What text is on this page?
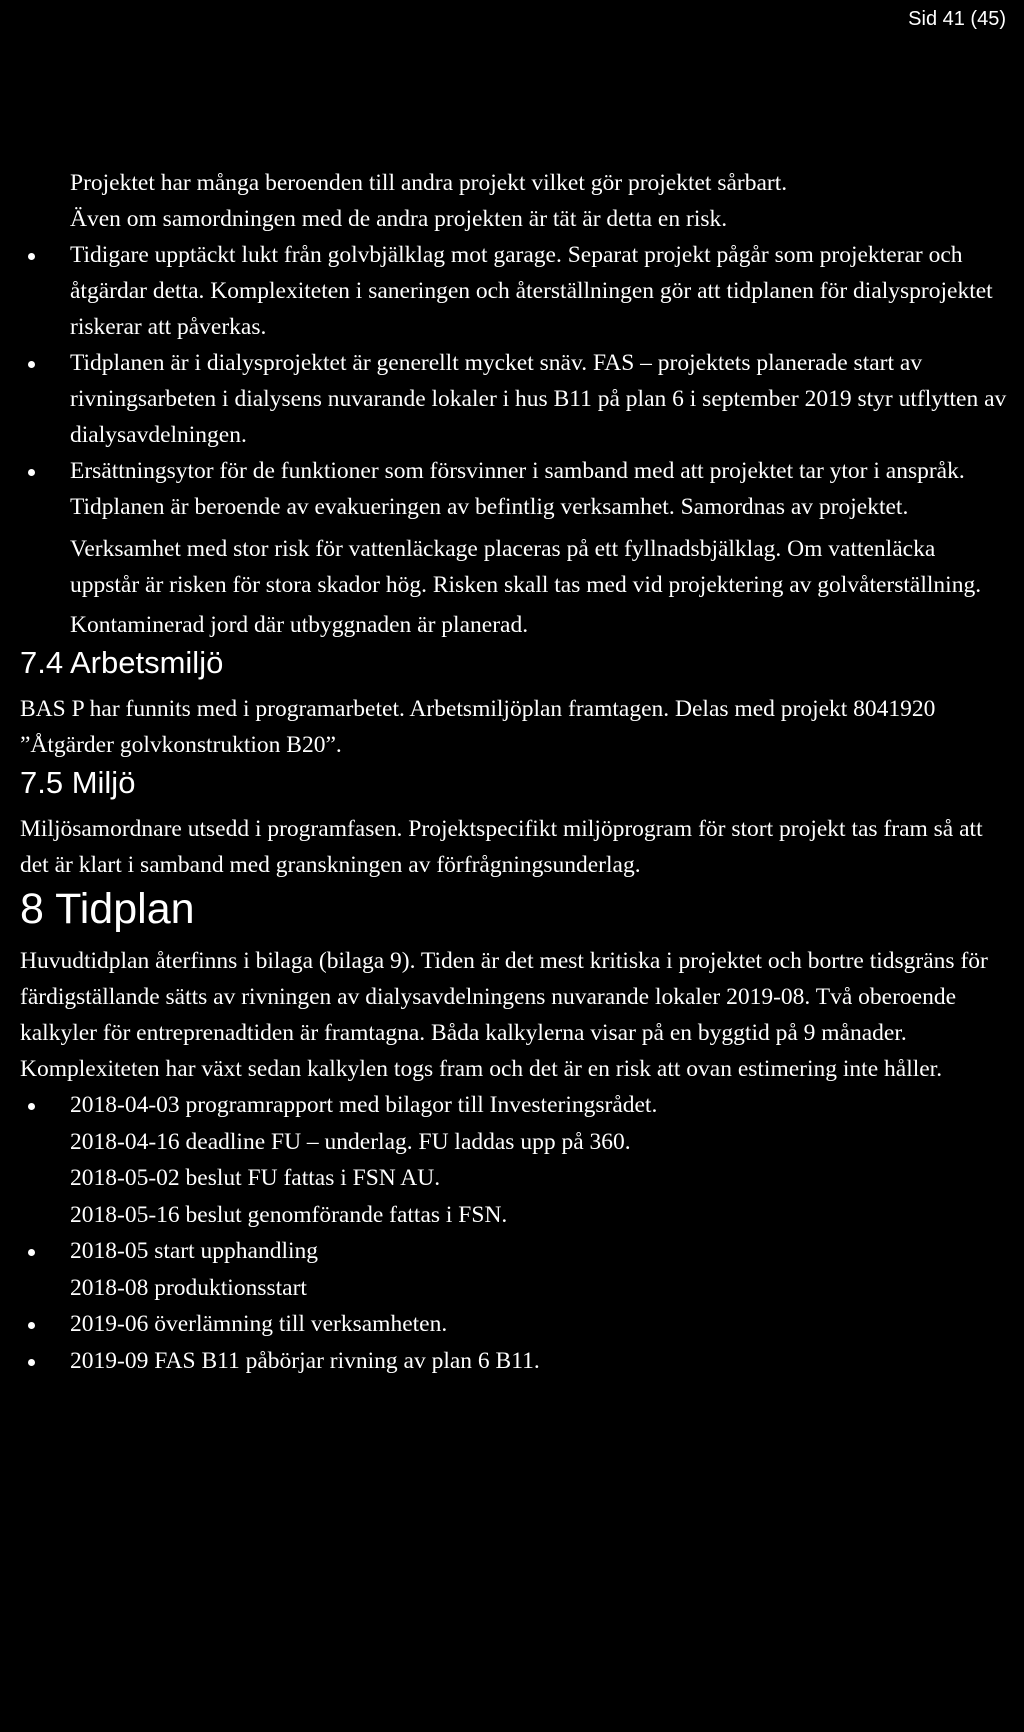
Sid 41 (45)

Projektet har många beroenden till andra projekt vilket gör projektet sårbart.

Även om samordningen med de andra projekten är tät är detta en risk.

Tidigare upptäckt lukt från golvbjälklag mot garage. Separat projekt pågår som projekterar och åtgärdar detta. Komplexiteten i saneringen och återställningen gör att tidplanen för dialysprojektet riskerar att påverkas.
Tidplanen är i dialysprojektet är generellt mycket snäv. FAS – projektets planerade start av rivningsarbeten i dialysens nuvarande lokaler i hus B11 på plan 6 i september 2019 styr utflytten av dialysavdelningen.
Ersättningsytor för de funktioner som försvinner i samband med att projektet tar ytor i anspråk. Tidplanen är beroende av evakueringen av befintlig verksamhet. Samordnas av projektet.

Verksamhet med stor risk för vattenläckage placeras på ett fyllnadsbjälklag. Om vattenläcka uppstår är risken för stora skador hög. Risken skall tas med vid projektering av golvåterställning.

Kontaminerad jord där utbyggnaden är planerad.

7.4 Arbetsmiljö

BAS P har funnits med i programarbetet. Arbetsmiljöplan framtagen. Delas med projekt 8041920 ”Åtgärder golvkonstruktion B20”.

7.5 Miljö

Miljösamordnare utsedd i programfasen. Projektspecifikt miljöprogram för stort projekt tas fram så att det är klart i samband med granskningen av förfrågningsunderlag.

8 Tidplan

Huvudtidplan återfinns i bilaga (bilaga 9). Tiden är det mest kritiska i projektet och bortre tidsgräns för färdigställande sätts av rivningen av dialysavdelningens nuvarande lokaler 2019-08. Två oberoende kalkyler för entreprenadtiden är framtagna. Båda kalkylerna visar på en byggtid på 9 månader. Komplexiteten har växt sedan kalkylen togs fram och det är en risk att ovan estimering inte håller.

2018-04-03 programrapport med bilagor till Investeringsrådet.
2018-04-16 deadline FU – underlag. FU laddas upp på 360.
2018-05-02 beslut FU fattas i FSN AU.
2018-05-16 beslut genomförande fattas i FSN.
2018-05 start upphandling
2018-08 produktionsstart
2019-06 överlämning till verksamheten.
2019-09 FAS B11 påbörjar rivning av plan 6 B11.
